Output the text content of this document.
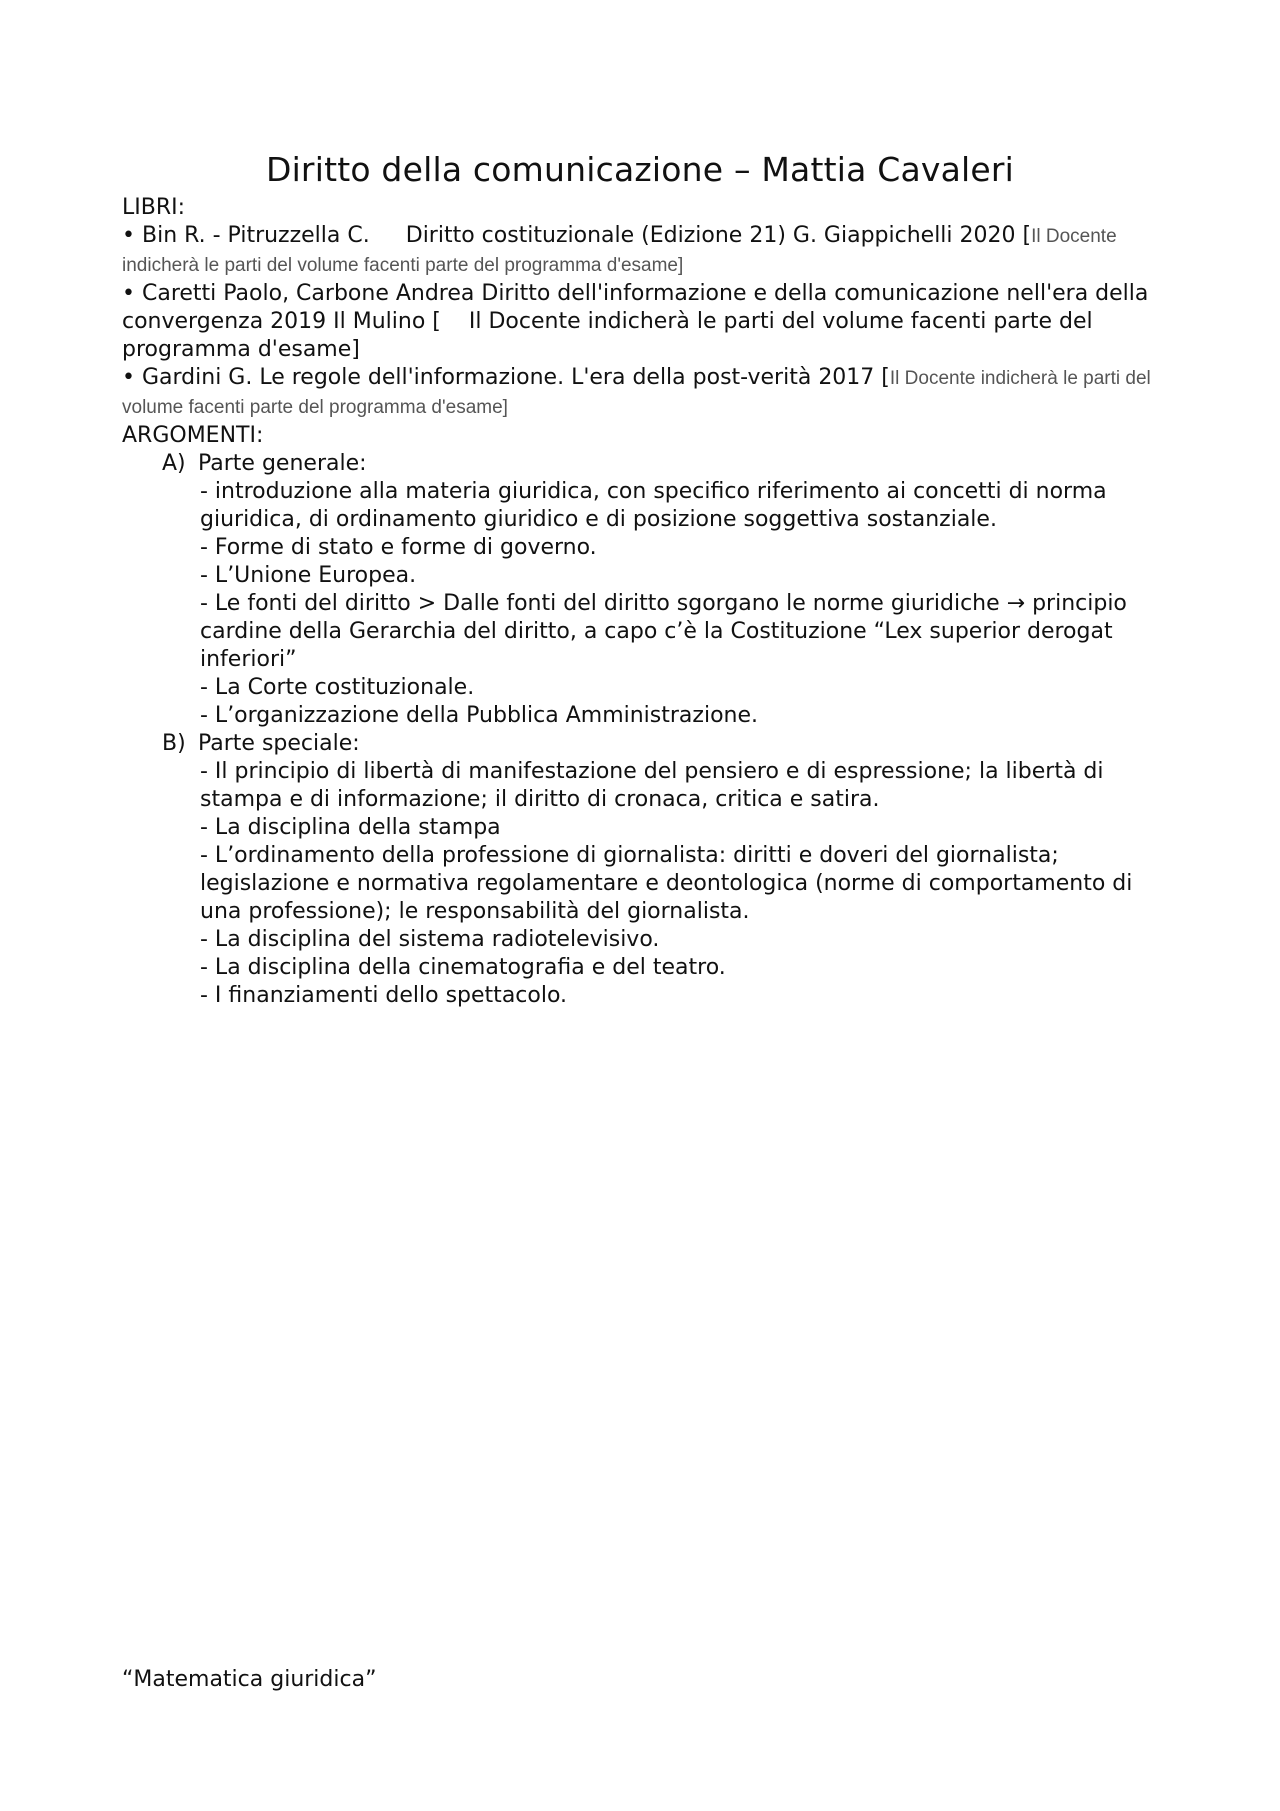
Diritto della comunicazione – Mattia Cavaleri

LIBRI:

• Bin R. - Pitruzzella C. Diritto costituzionale (Edizione 21) G. Giappichelli 2020 [Il Docente indicherà le parti del volume facenti parte del programma d'esame]

• Caretti Paolo, Carbone Andrea Diritto dell'informazione e della comunicazione nell'era della convergenza 2019 Il Mulino [ Il Docente indicherà le parti del volume facenti parte del programma d'esame]

• Gardini G. Le regole dell'informazione. L'era della post-verità 2017 [Il Docente indicherà le parti del volume facenti parte del programma d'esame]

ARGOMENTI:

A) Parte generale:

- introduzione alla materia giuridica, con specifico riferimento ai concetti di norma giuridica, di ordinamento giuridico e di posizione soggettiva sostanziale.

- Forme di stato e forme di governo.

- L’Unione Europea.

- Le fonti del diritto > Dalle fonti del diritto sgorgano le norme giuridiche → principio cardine della Gerarchia del diritto, a capo c’è la Costituzione “Lex superior derogat inferiori”

- La Corte costituzionale.

- L’organizzazione della Pubblica Amministrazione.

B) Parte speciale:

- Il principio di libertà di manifestazione del pensiero e di espressione; la libertà di stampa e di informazione; il diritto di cronaca, critica e satira.

- La disciplina della stampa

- L’ordinamento della professione di giornalista: diritti e doveri del giornalista; legislazione e normativa regolamentare e deontologica (norme di comportamento di una professione); le responsabilità del giornalista.

- La disciplina del sistema radiotelevisivo.

- La disciplina della cinematografia e del teatro.

- I finanziamenti dello spettacolo.

“Matematica giuridica”
